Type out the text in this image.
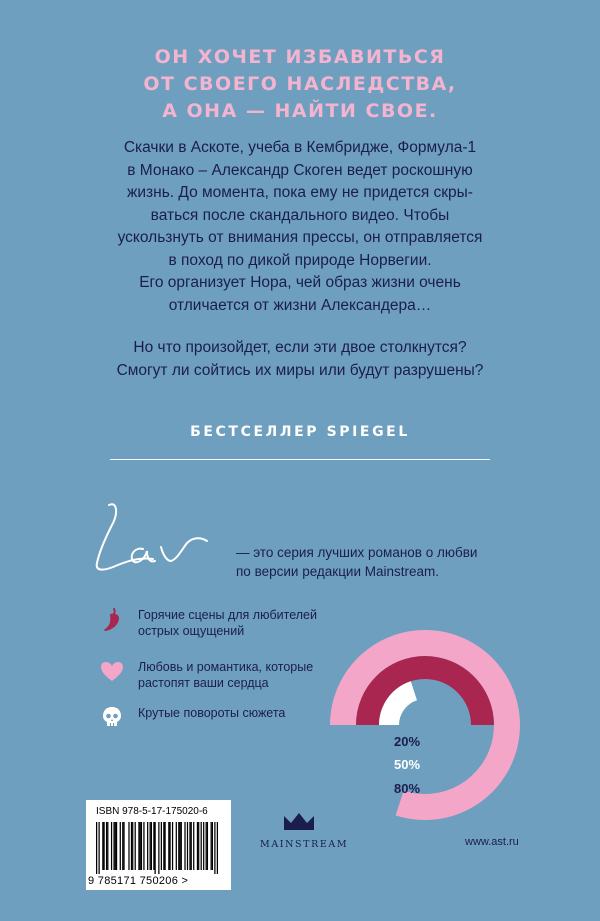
ОН ХОЧЕТ ИЗБАВИТЬСЯ
ОТ СВОЕГО НАСЛЕДСТВА,
А ОНА — НАЙТИ СВОЕ.
Скачки в Аскоте, учеба в Кембридже, Формула-1
в Монако – Александр Скоген ведет роскошную
жизнь. До момента, пока ему не придется скры-
ваться после скандального видео. Чтобы
ускользнуть от внимания прессы, он отправляется
в поход по дикой природе Норвегии.
Его организует Нора, чей образ жизни очень
отличается от жизни Александера…
Но что произойдет, если эти двое столкнутся?
Смогут ли сойтись их миры или будут разрушены?
БЕСТСЕЛЛЕР SPIEGEL
— это серия лучших романов о любви
по версии редакции Mainstream.
Горячие сцены для любителей
острых ощущений
Любовь и романтика, которые
растопят ваши сердца
Крутые повороты сюжета
80%
50%
20%
ISBN 978-5-17-175020-6
9 785171 750206 >
MAINSTREAM	www.ast.ru
